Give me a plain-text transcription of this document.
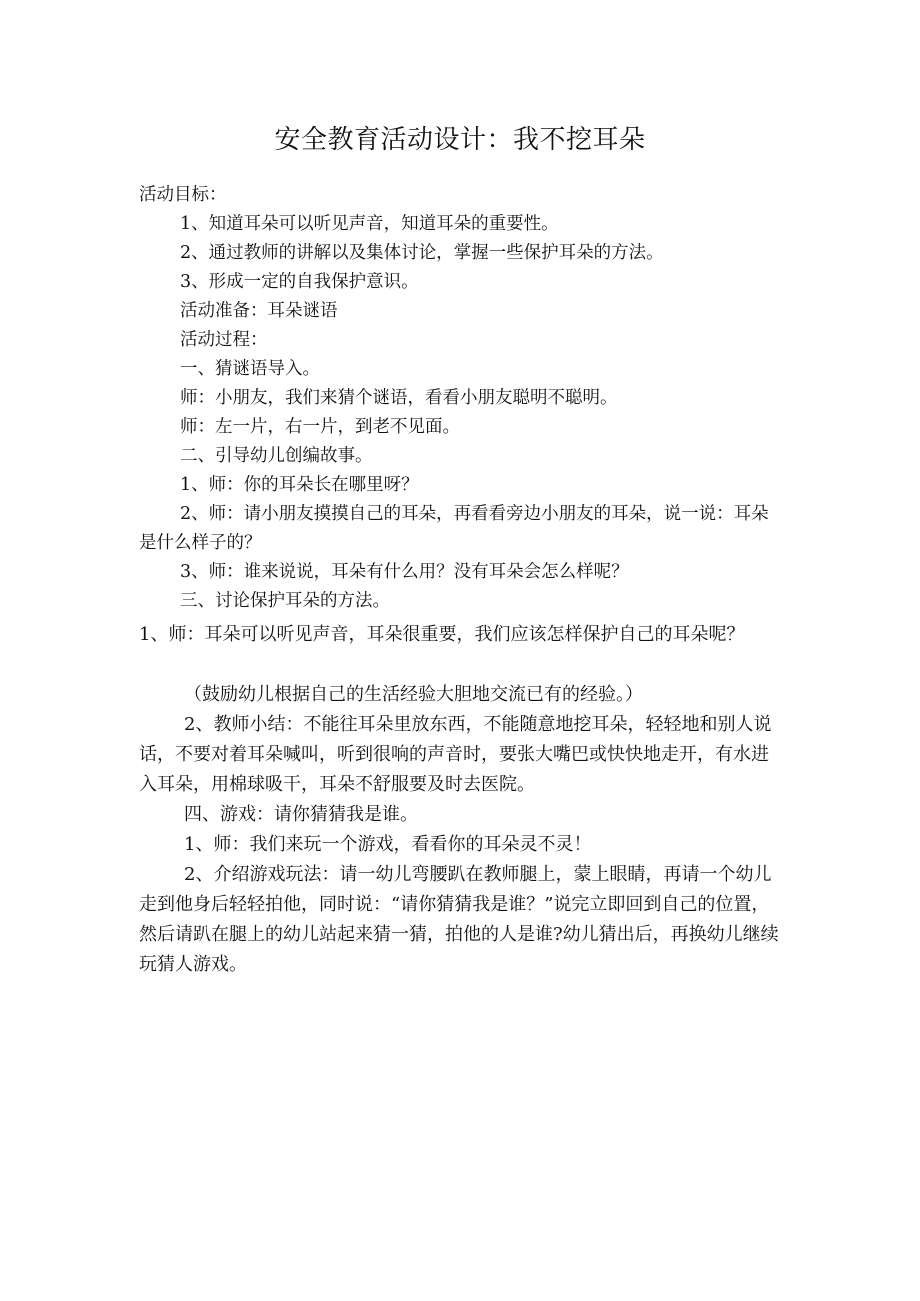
安全教育活动设计：我不挖耳朵
活动目标：
1、知道耳朵可以听见声音，知道耳朵的重要性。
2、通过教师的讲解以及集体讨论，掌握一些保护耳朵的方法。
3、形成一定的自我保护意识。
活动准备：耳朵谜语
活动过程：
一、猜谜语导入。
师：小朋友，我们来猜个谜语，看看小朋友聪明不聪明。
师：左一片，右一片，到老不见面。
二、引导幼儿创编故事。
1、师：你的耳朵长在哪里呀？
2、师：请小朋友摸摸自己的耳朵，再看看旁边小朋友的耳朵，说一说：耳朵是什么样子的？
3、师：谁来说说，耳朵有什么用？没有耳朵会怎么样呢？
三、讨论保护耳朵的方法。
1、师：耳朵可以听见声音，耳朵很重要，我们应该怎样保护自己的耳朵呢？
（鼓励幼儿根据自己的生活经验大胆地交流已有的经验。）
2、教师小结：不能往耳朵里放东西，不能随意地挖耳朵，轻轻地和别人说话，不要对着耳朵喊叫，听到很响的声音时，要张大嘴巴或快快地走开，有水进入耳朵，用棉球吸干，耳朵不舒服要及时去医院。
四、游戏：请你猜猜我是谁。
1、师：我们来玩一个游戏，看看你的耳朵灵不灵！
2、介绍游戏玩法：请一幼儿弯腰趴在教师腿上，蒙上眼睛，再请一个幼儿走到他身后轻轻拍他，同时说：“请你猜猜我是谁？”说完立即回到自己的位置，然后请趴在腿上的幼儿站起来猜一猜，拍他的人是谁?幼儿猜出后，再换幼儿继续玩猜人游戏。
